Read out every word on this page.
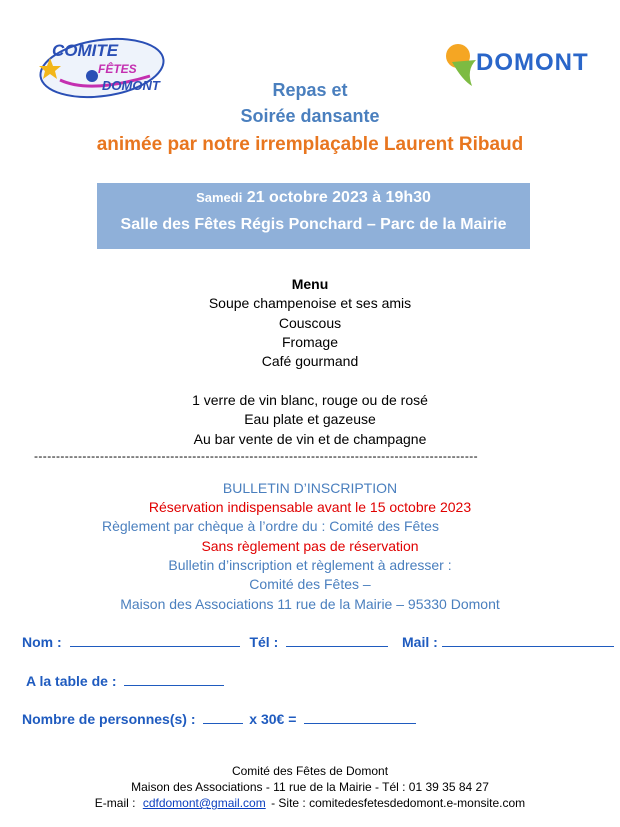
COMITE
FÊTES
DOMONT
DOMONT
Repas et
Soirée dansante
animée par notre irremplaçable Laurent Ribaud
Samedi 21 octobre 2023 à 19h30
Salle des Fêtes Régis Ponchard – Parc de la Mairie
Menu
Soupe champenoise et ses amis
Couscous
Fromage
Café gourmand
1 verre de vin blanc, rouge ou de rosé
Eau plate et gazeuse
Au bar vente de vin et de champagne
-----------------------------------------------------------------------------------------------------
BULLETIN D’INSCRIPTION
Réservation indispensable avant le 15 octobre 2023
Règlement par chèque à l’ordre du : Comité des Fêtes
Sans règlement pas de réservation
Bulletin d’inscription et règlement à adresser :
Comité des Fêtes –
Maison des Associations 11 rue de la Mairie – 95330 Domont
Nom :	Tél :	Mail :
A la table de :
Nombre de personnes(s) :	x 30€ =
Comité des Fêtes de Domont
Maison des Associations - 11 rue de la Mairie - Tél : 01 39 35 84 27
E-mail : cdfdomont@gmail.com - Site : comitedesfetesdedomont.e-monsite.com
